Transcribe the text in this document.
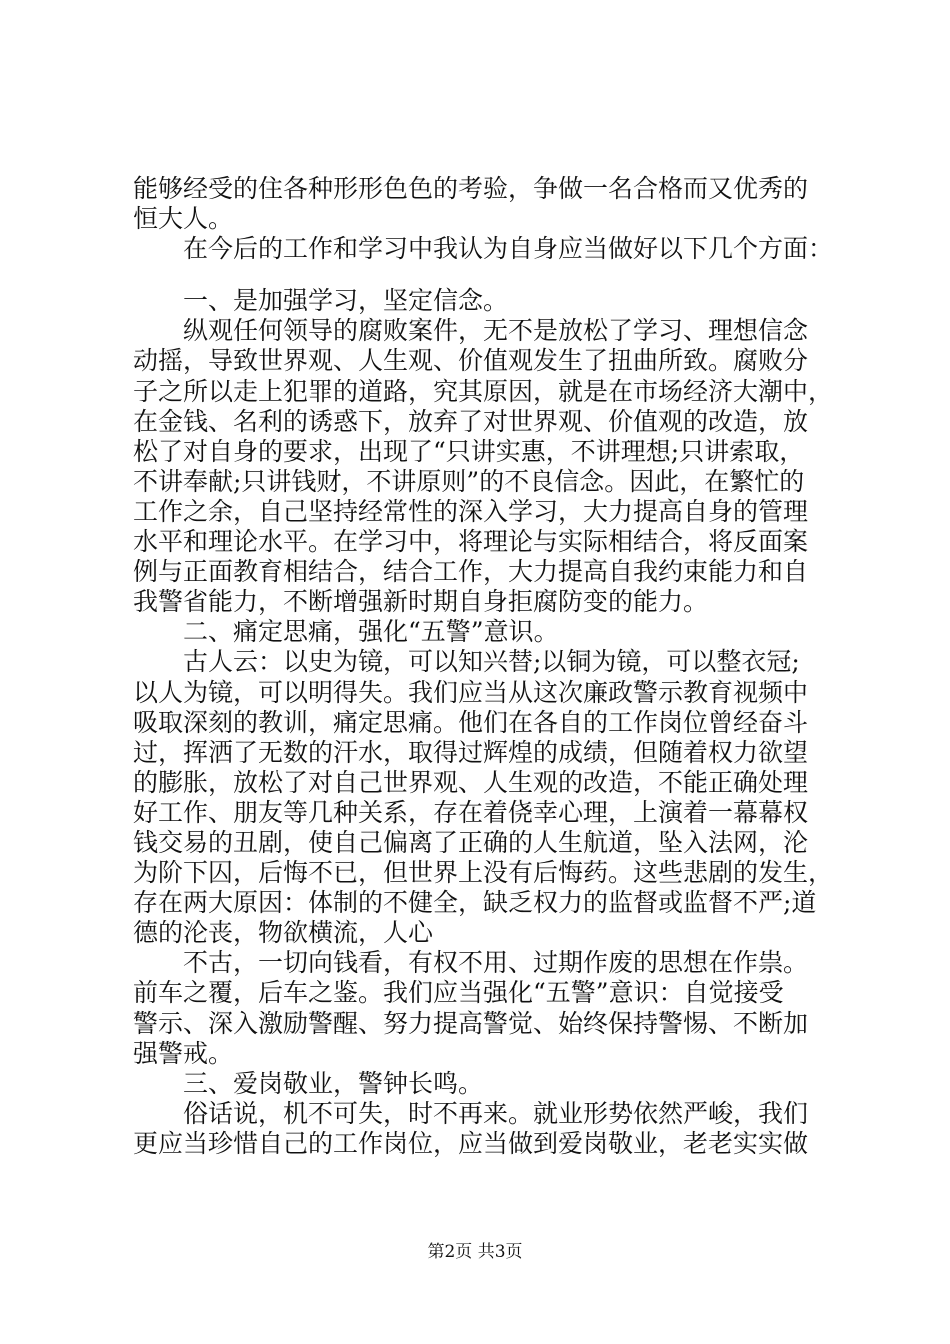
能够经受的住各种形形色色的考验，争做一名合格而又优秀的
恒大人。
在今后的工作和学习中我认为自身应当做好以下几个方面：
一、是加强学习，坚定信念。
纵观任何领导的腐败案件，无不是放松了学习、理想信念
动摇，导致世界观、人生观、价值观发生了扭曲所致。腐败分
子之所以走上犯罪的道路，究其原因，就是在市场经济大潮中，
在金钱、名利的诱惑下，放弃了对世界观、价值观的改造，放
松了对自身的要求，出现了“只讲实惠，不讲理想;只讲索取，
不讲奉献;只讲钱财，不讲原则”的不良信念。因此，在繁忙的
工作之余，自己坚持经常性的深入学习，大力提高自身的管理
水平和理论水平。在学习中，将理论与实际相结合，将反面案
例与正面教育相结合，结合工作，大力提高自我约束能力和自
我警省能力，不断增强新时期自身拒腐防变的能力。
二、痛定思痛，强化“五警”意识。
古人云：以史为镜，可以知兴替;以铜为镜，可以整衣冠;
以人为镜，可以明得失。我们应当从这次廉政警示教育视频中
吸取深刻的教训，痛定思痛。他们在各自的工作岗位曾经奋斗
过，挥洒了无数的汗水，取得过辉煌的成绩，但随着权力欲望
的膨胀，放松了对自己世界观、人生观的改造，不能正确处理
好工作、朋友等几种关系，存在着侥幸心理，上演着一幕幕权
钱交易的丑剧，使自己偏离了正确的人生航道，坠入法网，沦
为阶下囚，后悔不已，但世界上没有后悔药。这些悲剧的发生，
存在两大原因：体制的不健全，缺乏权力的监督或监督不严;道
德的沦丧，物欲横流，人心
不古，一切向钱看，有权不用、过期作废的思想在作祟。
前车之覆，后车之鉴。我们应当强化“五警”意识：自觉接受
警示、深入激励警醒、努力提高警觉、始终保持警惕、不断加
强警戒。
三、爱岗敬业，警钟长鸣。
俗话说，机不可失，时不再来。就业形势依然严峻，我们
更应当珍惜自己的工作岗位，应当做到爱岗敬业，老老实实做
第2页 共3页
